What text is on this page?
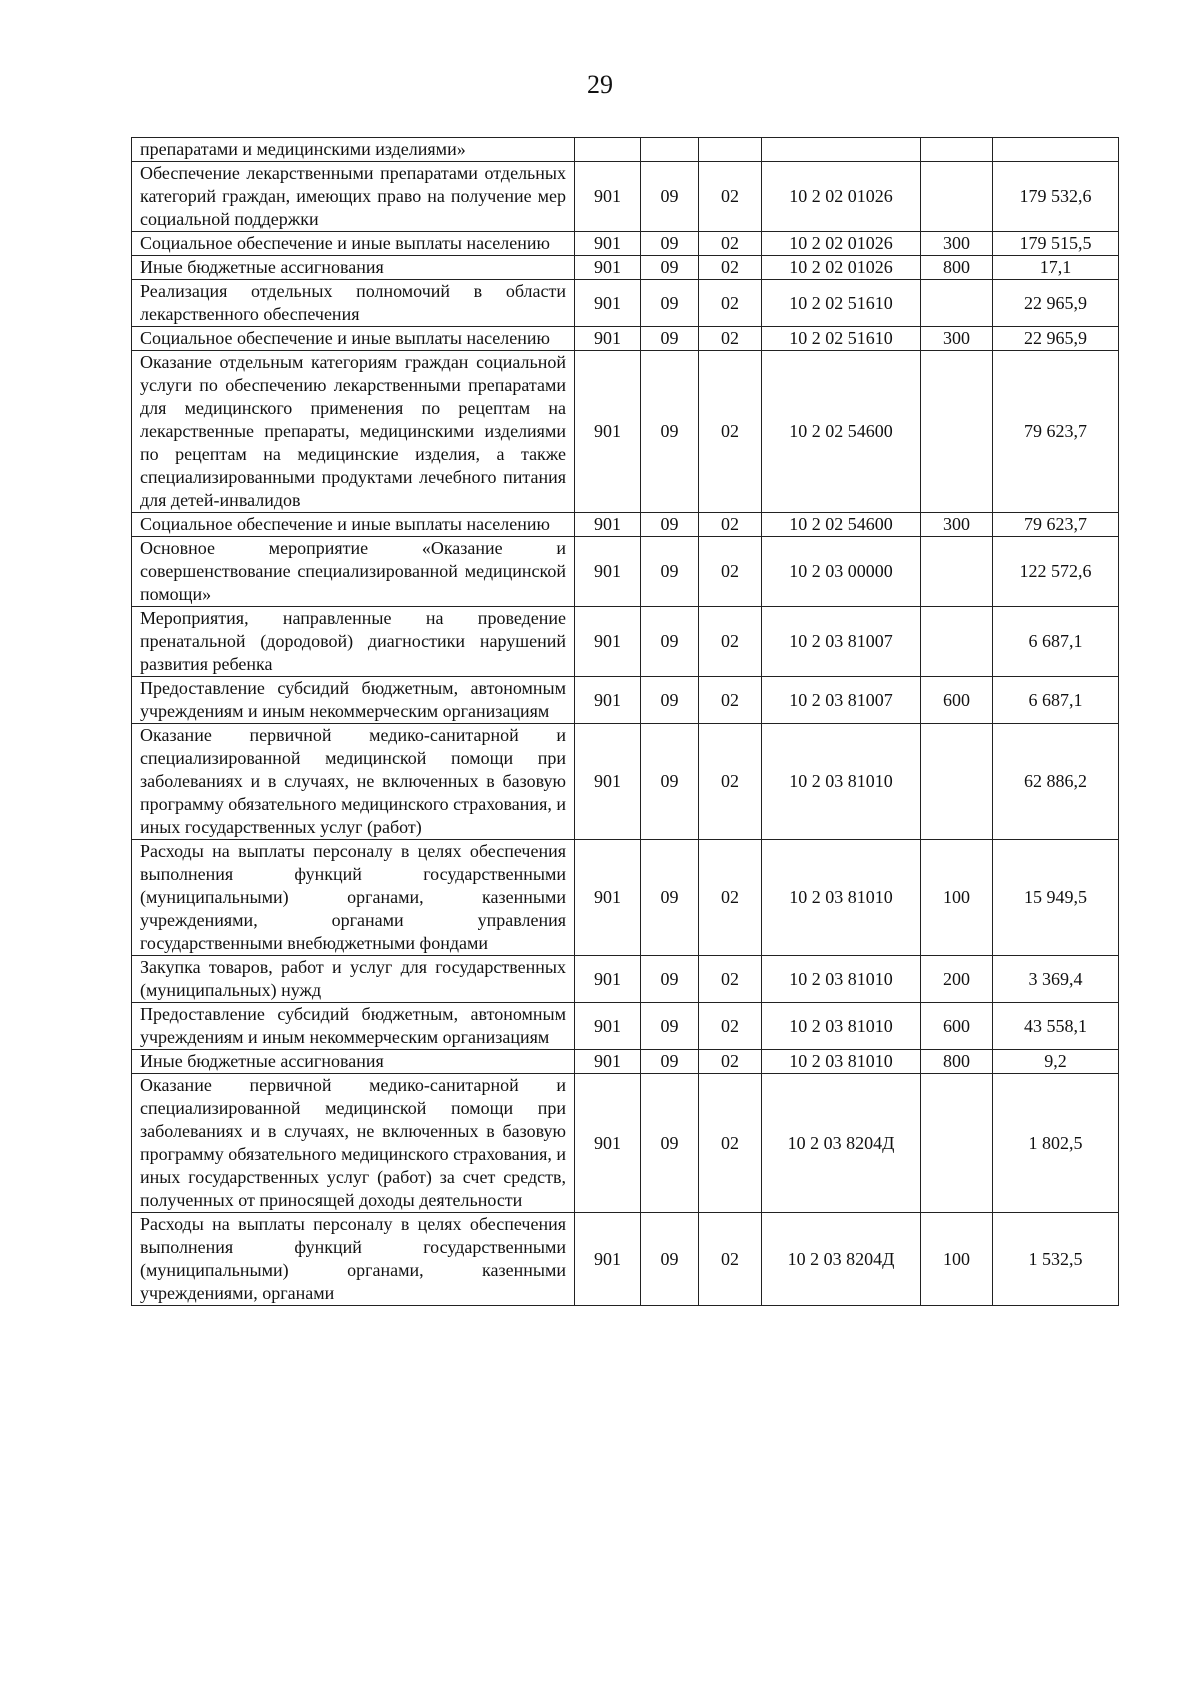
29
препаратами и медицинскими изделиями»						
Обеспечение лекарственными препаратами отдельных категорий граждан, имеющих право на получение мер социальной поддержки	901	09	02	10 2 02 01026		179 532,6
Социальное обеспечение и иные выплаты населению	901	09	02	10 2 02 01026	300	179 515,5
Иные бюджетные ассигнования	901	09	02	10 2 02 01026	800	17,1
Реализация отдельных полномочий в области лекарственного обеспечения	901	09	02	10 2 02 51610		22 965,9
Социальное обеспечение и иные выплаты населению	901	09	02	10 2 02 51610	300	22 965,9
Оказание отдельным категориям граждан социальной услуги по обеспечению лекарственными препаратами для медицинского применения по рецептам на лекарственные препараты, медицинскими изделиями по рецептам на медицинские изделия, а также специализированными продуктами лечебного питания для детей-инвалидов	901	09	02	10 2 02 54600		79 623,7
Социальное обеспечение и иные выплаты населению	901	09	02	10 2 02 54600	300	79 623,7
Основное мероприятие «Оказание и совершенствование специализированной медицинской помощи»	901	09	02	10 2 03 00000		122 572,6
Мероприятия, направленные на проведение пренатальной (дородовой) диагностики нарушений развития ребенка	901	09	02	10 2 03 81007		6 687,1
Предоставление субсидий бюджетным, автономным учреждениям и иным некоммерческим организациям	901	09	02	10 2 03 81007	600	6 687,1
Оказание первичной медико-санитарной и специализированной медицинской помощи при заболеваниях и в случаях, не включенных в базовую программу обязательного медицинского страхования, и иных государственных услуг (работ)	901	09	02	10 2 03 81010		62 886,2
Расходы на выплаты персоналу в целях обеспечения выполнения функций государственными (муниципальными) органами, казенными учреждениями, органами управления государственными внебюджетными фондами	901	09	02	10 2 03 81010	100	15 949,5
Закупка товаров, работ и услуг для государственных (муниципальных) нужд	901	09	02	10 2 03 81010	200	3 369,4
Предоставление субсидий бюджетным, автономным учреждениям и иным некоммерческим организациям	901	09	02	10 2 03 81010	600	43 558,1
Иные бюджетные ассигнования	901	09	02	10 2 03 81010	800	9,2
Оказание первичной медико-санитарной и специализированной медицинской помощи при заболеваниях и в случаях, не включенных в базовую программу обязательного медицинского страхования, и иных государственных услуг (работ) за счет средств, полученных от приносящей доходы деятельности	901	09	02	10 2 03 8204Д		1 802,5
Расходы на выплаты персоналу в целях обеспечения выполнения функций государственными (муниципальными) органами, казенными учреждениями, органами	901	09	02	10 2 03 8204Д	100	1 532,5
